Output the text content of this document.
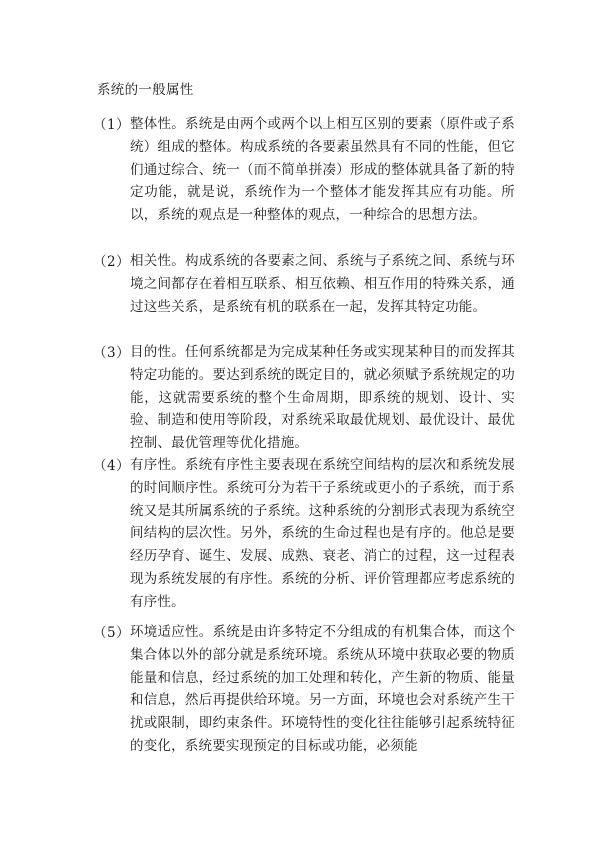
系统的一般属性
（1） 整体性。系统是由两个或两个以上相互区别的要素（原件或子系统）组成的整体。构成系统的各要素虽然具有不同的性能，但它们通过综合、统一（而不简单拼凑）形成的整体就具备了新的特定功能，就是说，系统作为一个整体才能发挥其应有功能。所以，系统的观点是一种整体的观点，一种综合的思想方法。
（2） 相关性。构成系统的各要素之间、系统与子系统之间、系统与环境之间都存在着相互联系、相互依赖、相互作用的特殊关系，通过这些关系，是系统有机的联系在一起，发挥其特定功能。
（3） 目的性。任何系统都是为完成某种任务或实现某种目的而发挥其特定功能的。要达到系统的既定目的，就必须赋予系统规定的功能，这就需要系统的整个生命周期，即系统的规划、设计、实验、制造和使用等阶段，对系统采取最优规划、最优设计、最优控制、最优管理等优化措施。
（4） 有序性。系统有序性主要表现在系统空间结构的层次和系统发展的时间顺序性。系统可分为若干子系统或更小的子系统，而于系统又是其所属系统的子系统。这种系统的分割形式表现为系统空间结构的层次性。另外，系统的生命过程也是有序的。他总是要经历孕育、诞生、发展、成熟、衰老、消亡的过程，这一过程表现为系统发展的有序性。系统的分析、评价管理都应考虑系统的有序性。
（5） 环境适应性。系统是由许多特定不分组成的有机集合体，而这个集合体以外的部分就是系统环境。系统从环境中获取必要的物质能量和信息，经过系统的加工处理和转化，产生新的物质、能量和信息，然后再提供给环境。另一方面，环境也会对系统产生干扰或限制，即约束条件。环境特性的变化往往能够引起系统特征的变化，系统要实现预定的目标或功能，必须能
